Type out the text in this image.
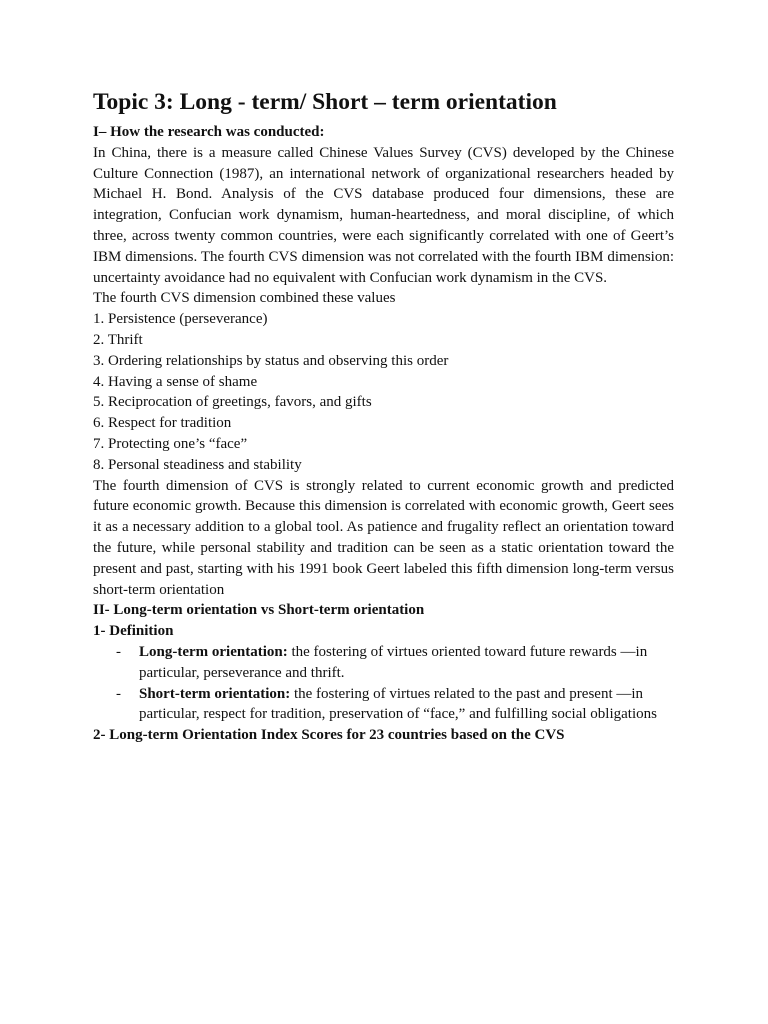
Topic 3: Long - term/ Short – term orientation

I– How the research was conducted:

In China, there is a measure called Chinese Values Survey (CVS) developed by the Chinese Culture Connection (1987), an international network of organizational researchers headed by Michael H. Bond. Analysis of the CVS database produced four dimensions, these are integration, Confucian work dynamism, human-heartedness, and moral discipline, of which three, across twenty common countries, were each significantly correlated with one of Geert’s IBM dimensions. The fourth CVS dimension was not correlated with the fourth IBM dimension: uncertainty avoidance had no equivalent with Confucian work dynamism in the CVS.

The fourth CVS dimension combined these values

1. Persistence (perseverance)
2. Thrift
3. Ordering relationships by status and observing this order
4. Having a sense of shame
5. Reciprocation of greetings, favors, and gifts
6. Respect for tradition
7. Protecting one’s “face”
8. Personal steadiness and stability

The fourth dimension of CVS is strongly related to current economic growth and predicted future economic growth. Because this dimension is correlated with economic growth, Geert sees it as a necessary addition to a global tool. As patience and frugality reflect an orientation toward the future, while personal stability and tradition can be seen as a static orientation toward the present and past, starting with his 1991 book Geert labeled this fifth dimension long-term versus short-term orientation

II- Long-term orientation vs Short-term orientation

1- Definition

- Long-term orientation: the fostering of virtues oriented toward future rewards —in particular, perseverance and thrift.
- Short-term orientation: the fostering of virtues related to the past and present —in particular, respect for tradition, preservation of “face,” and fulfilling social obligations

2- Long-term Orientation Index Scores for 23 countries based on the CVS
